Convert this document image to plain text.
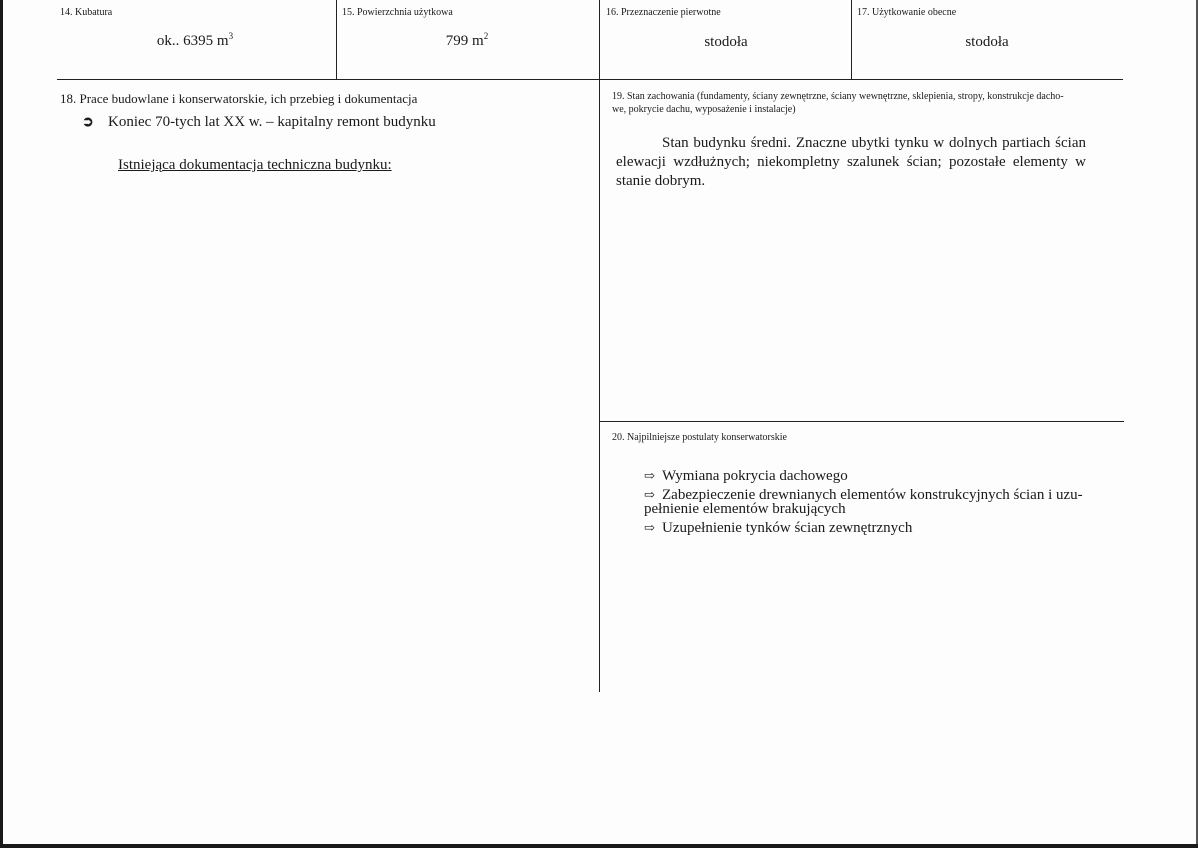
14. Kubatura
ok.. 6395 $m^3$
15. Powierzchnia użytkowa
799 $m^2$
16. Przeznaczenie pierwotne
stodoła
17. Użytkowanie obecne
stodoła
18. Prace budowlane i konserwatorskie, ich przebieg i dokumentacja
➲ Koniec 70-tych lat XX w. – kapitalny remont budynku
Istniejąca dokumentacja techniczna budynku:
19. Stan zachowania (fundamenty, ściany zewnętrzne, ściany wewnętrzne, sklepienia, stropy, konstrukcje dacho-
we, pokrycie dachu, wyposażenie i instalacje)
Stan budynku średni. Znaczne ubytki tynku w dolnych partiach ścian elewacji wzdłużnych; niekompletny szalunek ścian; pozostałe elementy w stanie dobrym.
20. Najpilniejsze postulaty konserwatorskie
⇨ Wymiana pokrycia dachowego
⇨ Zabezpieczenie drewnianych elementów konstrukcyjnych ścian i uzu-
pełnienie elementów brakujących
⇨ Uzupełnienie tynków ścian zewnętrznych
